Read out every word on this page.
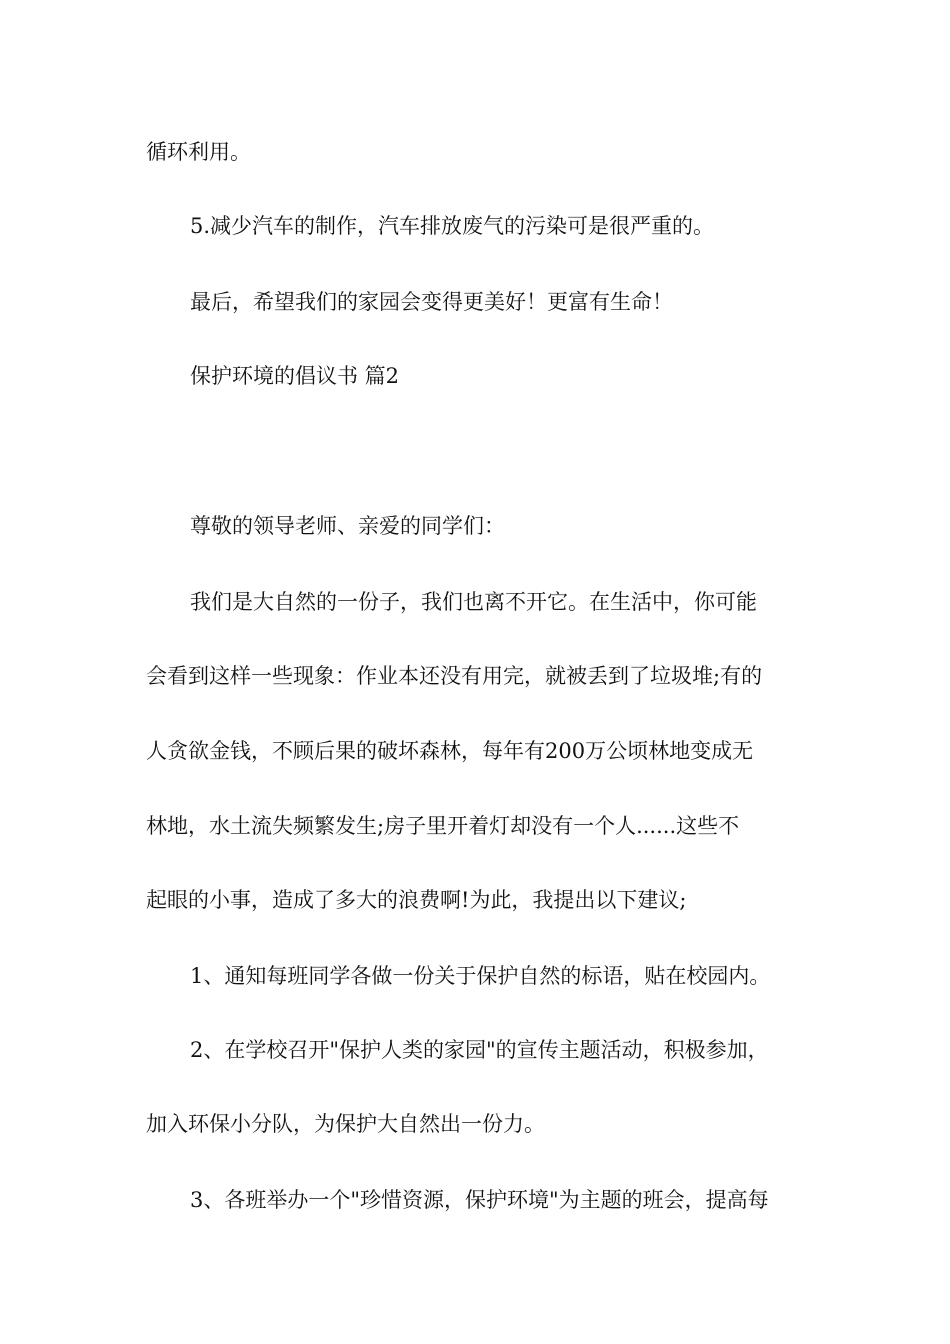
循环利用。
5.减少汽车的制作，汽车排放废气的污染可是很严重的。
最后，希望我们的家园会变得更美好！更富有生命！
保护环境的倡议书 篇2
尊敬的领导老师、亲爱的同学们：
我们是大自然的一份子，我们也离不开它。在生活中，你可能
会看到这样一些现象：作业本还没有用完，就被丢到了垃圾堆;有的
人贪欲金钱，不顾后果的破坏森林，每年有200万公顷林地变成无
林地，水土流失频繁发生;房子里开着灯却没有一个人......这些不
起眼的小事，造成了多大的浪费啊!为此，我提出以下建议;
1、通知每班同学各做一份关于保护自然的标语，贴在校园内。
2、在学校召开"保护人类的家园"的宣传主题活动，积极参加，
加入环保小分队，为保护大自然出一份力。
3、各班举办一个"珍惜资源，保护环境"为主题的班会，提高每
